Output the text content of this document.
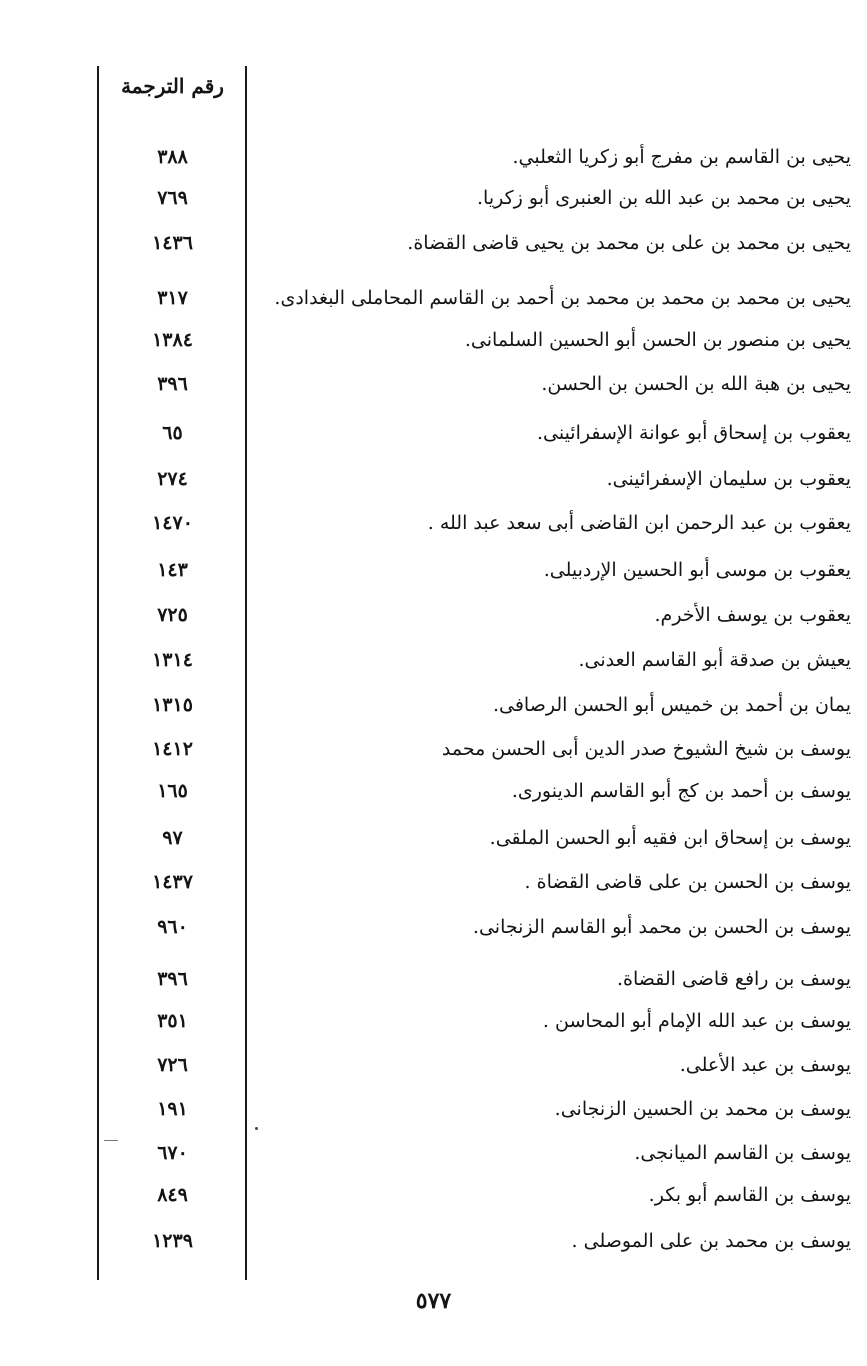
رقم الترجمة
٣٨٨	يحيى بن القاسم بن مفرج أبو زكريا الثعلبي.
٧٦٩	يحيى بن محمد بن عبد الله بن العنبرى أبو زكريا.
١٤٣٦	يحيى بن محمد بن على بن محمد بن يحيى قاضى القضاة.
٣١٧	يحيى بن محمد بن محمد بن محمد بن أحمد بن القاسم المحاملى البغدادى.
١٣٨٤	يحيى بن منصور بن الحسن أبو الحسين السلمانى.
٣٩٦	يحيى بن هبة الله بن الحسن بن الحسن.
٦٥	يعقوب بن إسحاق أبو عوانة الإسفرائينى.
٢٧٤	يعقوب بن سليمان الإسفرائينى.
١٤٧٠	يعقوب بن عبد الرحمن ابن القاضى أبى سعد عبد الله .
١٤٣	يعقوب بن موسى أبو الحسين الإردبيلى.
٧٢٥	يعقوب بن يوسف الأخرم.
١٣١٤	يعيش بن صدقة أبو القاسم العدنى.
١٣١٥	يمان بن أحمد بن خميس أبو الحسن الرصافى.
١٤١٢	يوسف بن شيخ الشيوخ صدر الدين أبى الحسن محمد
١٦٥	يوسف بن أحمد بن كج أبو القاسم الدينورى.
٩٧	يوسف بن إسحاق ابن فقيه أبو الحسن الملقى.
١٤٣٧	يوسف بن الحسن بن على قاضى القضاة .
٩٦٠	يوسف بن الحسن بن محمد أبو القاسم الزنجانى.
٣٩٦	يوسف بن رافع قاضى القضاة.
٣٥١	يوسف بن عبد الله الإمام أبو المحاسن .
٧٢٦	يوسف بن عبد الأعلى.
١٩١	يوسف بن محمد بن الحسين الزنجانى.
٦٧٠	يوسف بن القاسم الميانجى.
٨٤٩	يوسف بن القاسم أبو بكر.
١٢٣٩	يوسف بن محمد بن على الموصلى .
٥٧٧
